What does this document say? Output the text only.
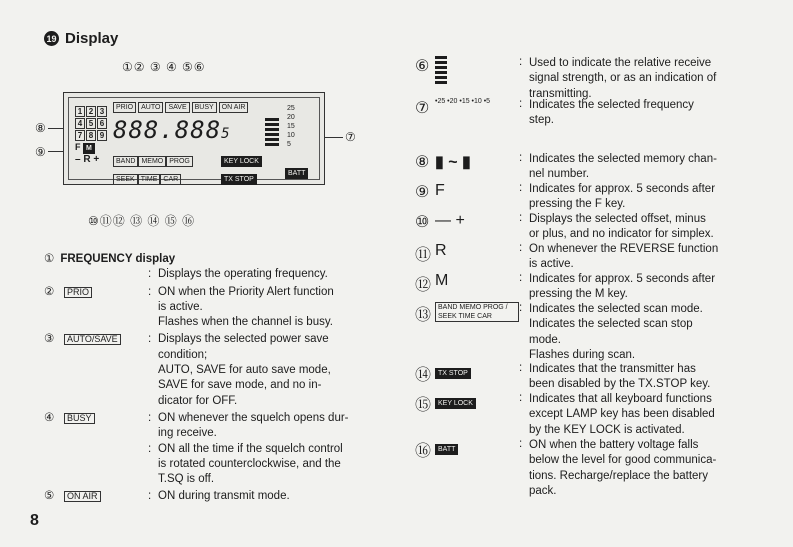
19 Display
①② ③ ④ ⑤⑥
⑩⑪⑫ ⑬ ⑭ ⑮ ⑯
⑧
⑨
⑦
1 2 3
4 5 6
7 8 9
F M
– R +
PRIO	AUTO	SAVE	BUSY	ON AIR
888.8885
25
20
15
10
5
BAND MEMO PROG
SEEK TIME CAR
KEY LOCK
TX STOP
BATT
① FREQUENCY display
: Displays the operating frequency.
②	PRIO	: ON when the Priority Alert function
is active.
Flashes when the channel is busy.
③	AUTO/SAVE	: Displays the selected power save
condition;
AUTO, SAVE for auto save mode,
SAVE for save mode, and no in-
dicator for OFF.
④	BUSY	: ON whenever the squelch opens dur-
ing receive.
: ON all the time if the squelch control
is rotated counterclockwise, and the
T.SQ is off.
⑤	ON AIR	: ON during transmit mode.
⑥	: Used to indicate the relative receive
signal strength, or as an indication of
transmitting.
⑦ •25 •20 •15 •10 •5	: Indicates the selected frequency
step.
⑧ ▮ ~ ▮	: Indicates the selected memory chan-
nel number.
⑨ F	: Indicates for approx. 5 seconds after
pressing the F key.
⑩ — +	: Displays the selected offset, minus
or plus, and no indicator for simplex.
⑪ R	: On whenever the REVERSE function
is active.
⑫ M	: Indicates for approx. 5 seconds after
pressing the M key.
⑬ BAND MEMO PROG / SEEK TIME CAR
: Indicates the selected scan mode.
Indicates the selected scan stop
mode.
Flashes during scan.
⑭ TX STOP	: Indicates that the transmitter has
been disabled by the TX.STOP key.
⑮ KEY LOCK	: Indicates that all keyboard functions
except LAMP key has been disabled
by the KEY LOCK is activated.
⑯ BATT	: ON when the battery voltage falls
below the level for good communica-
tions. Recharge/replace the battery
pack.
8
